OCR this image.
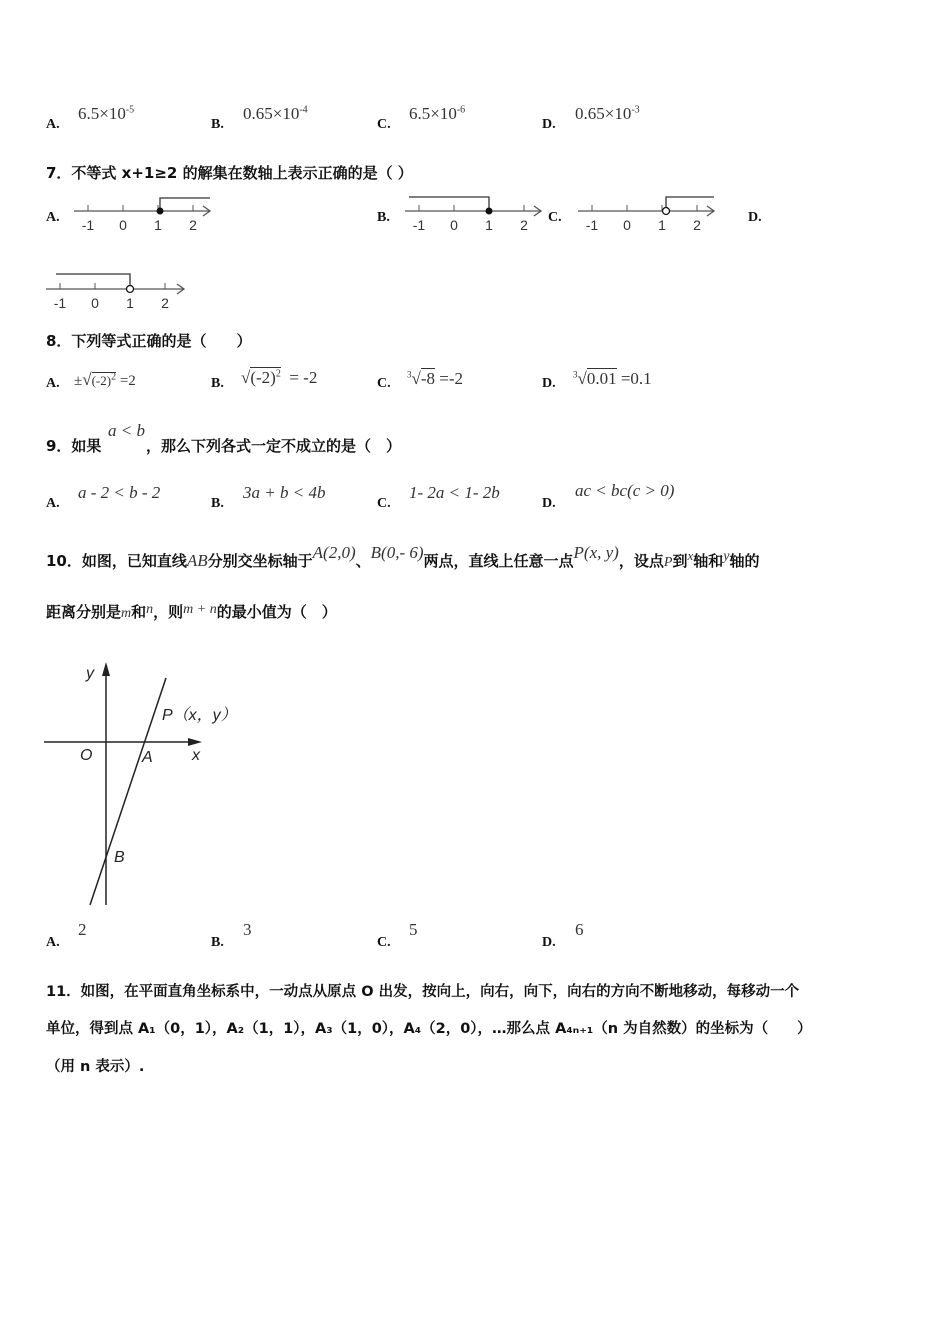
A.
$6.5\times 10^{-5}$
B.
$0.65\times 10^{-4}$
C.
$6.5\times 10^{-6}$
D.
$0.65\times 10^{-3}$
7．不等式 x+1≥2 的解集在数轴上表示正确的是（ ）
A. -1 0 1 2	B. -1 0 1 2 C. -1 0 1 2	D.
-1 0 1 2
8．下列等式正确的是（　　）
A. $\pm√(-2)^2 =2$	B. $√(-2)^2 = -2$	C.
$^3$√-8 =-2	D.
$^3$√0.01 =0.1
9．如果
a < b
，那么下列各式一定不成立的是（　）
A.
a - 2 < b - 2
B.
3a + b < 4b
C.
1- 2a < 1- 2b
D.
ac < bc(c > 0)
10．如图，已知直线AB分别交坐标轴于A(2,0)、B(0,- 6)两点，直线上任意一点P(x, y)，设点P到x轴和y轴的
距离分别是m和n，则m + n的最小值为（　）
y
x
O	A
B
P（x，y）
A.
2
B.
3
C.
5
D.
6
11．如图，在平面直角坐标系中，一动点从原点 O 出发，按向上，向右，向下，向右的方向不断地移动，每移动一个
单位，得到点 A₁（0，1），A₂（1，1），A₃（1，0），A₄（2，0），…那么点 A₄ₙ₊₁（n 为自然数）的坐标为（　　）
（用 n 表示）.
